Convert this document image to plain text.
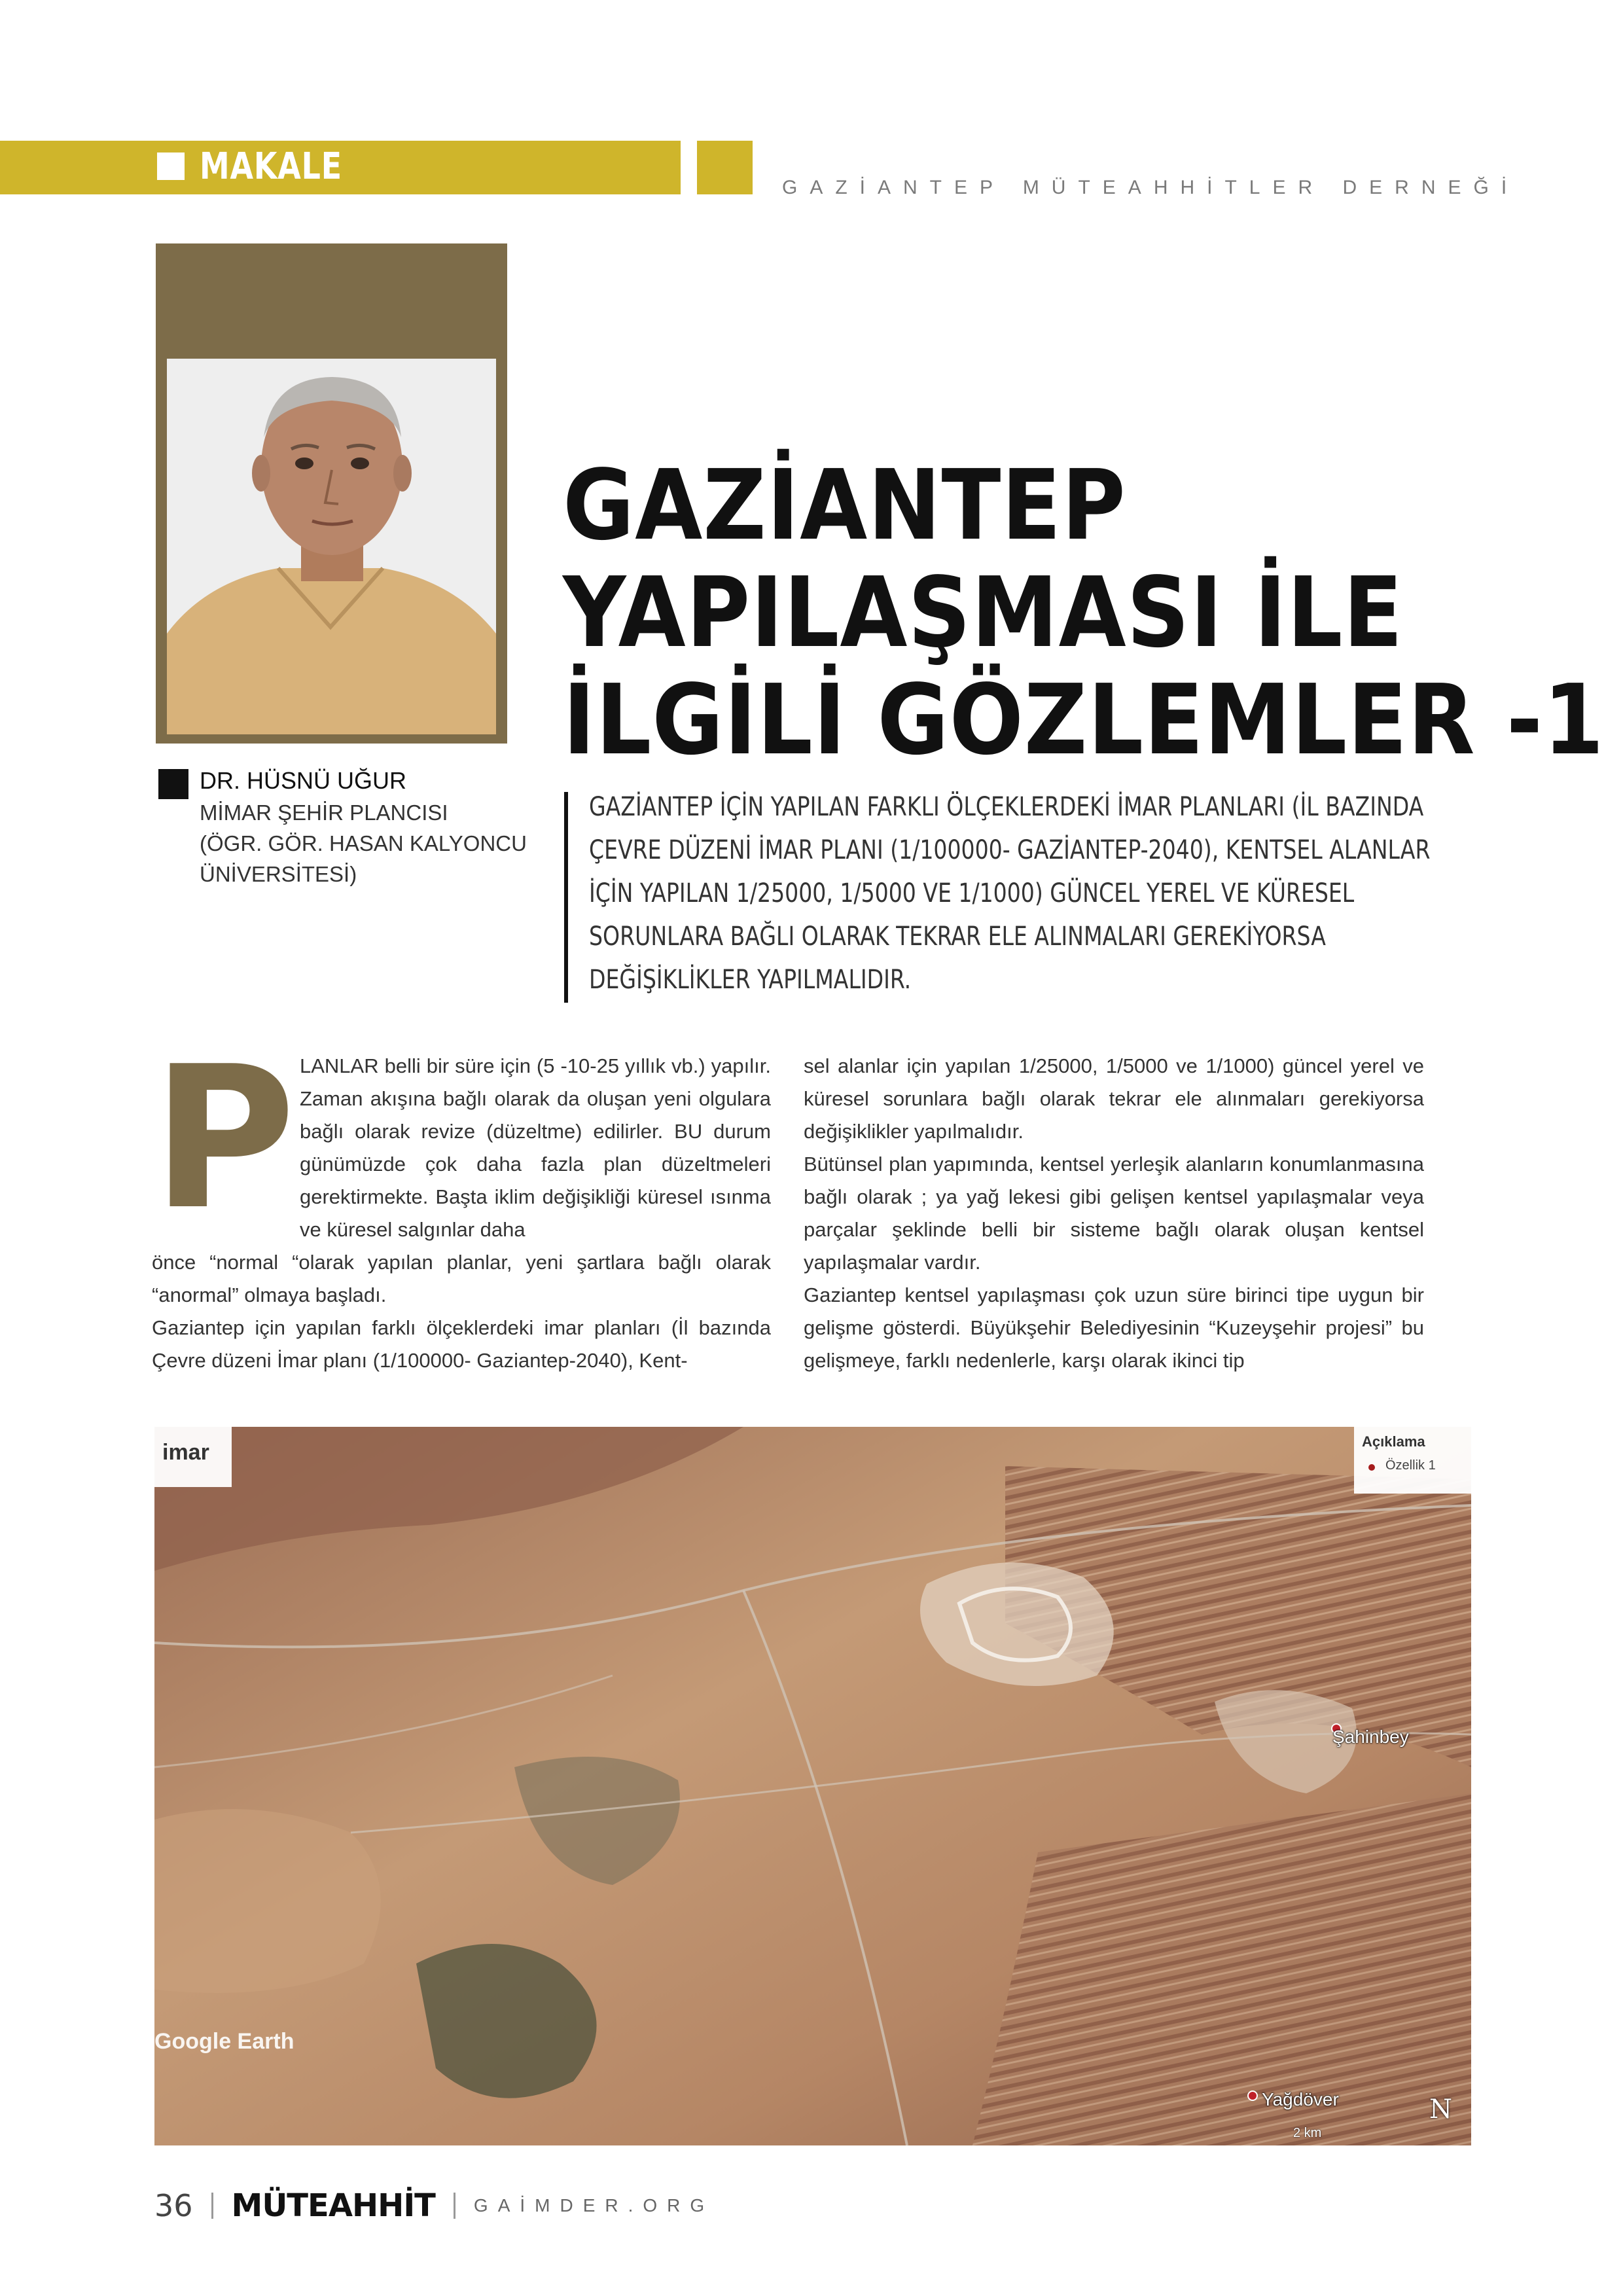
MAKALE	GAZİANTEP MÜTEAHHİTLER DERNEĞİ
DR. HÜSNÜ UĞUR
MİMAR ŞEHİR PLANCISI
(ÖGR. GÖR. HASAN KALYONCU
ÜNİVERSİTESİ)
GAZİANTEP
YAPILAŞMASI İLE
İLGİLİ GÖZLEMLER -1
GAZİANTEP İÇİN YAPILAN FARKLI ÖLÇEKLERDEKİ İMAR PLANLARI (İL BAZINDA ÇEVRE DÜZENİ İMAR PLANI (1/100000- GAZİANTEP-2040), KENTSEL ALANLAR İÇİN YAPILAN 1/25000, 1/5000 VE 1/1000) GÜNCEL YEREL VE KÜRESEL SORUNLARA BAĞLI OLARAK TEKRAR ELE ALINMALARI GEREKİYORSA DEĞİŞİKLİKLER YAPILMALIDIR.
P LANLAR belli bir süre için (5 -10-25 yıllık vb.) yapılır. Zaman akışına bağlı olarak da oluşan yeni olgulara bağlı olarak revize (düzeltme) edilirler. BU durum günümüzde çok daha fazla plan düzeltmeleri gerektirmekte. Başta iklim değişikliği küresel ısınma ve küresel salgınlar daha

önce “normal “olarak yapılan planlar, yeni şartlara bağlı olarak “anormal” olmaya başladı.

Gaziantep için yapılan farklı ölçeklerdeki imar planları (İl bazında Çevre düzeni İmar planı (1/100000- Gaziantep-2040), Kent-

sel alanlar için yapılan 1/25000, 1/5000 ve 1/1000) güncel yerel ve küresel sorunlara bağlı olarak tekrar ele alınmaları gerekiyorsa değişiklikler yapılmalıdır.

Bütünsel plan yapımında, kentsel yerleşik alanların konumlanmasına bağlı olarak ; ya yağ lekesi gibi gelişen kentsel yapılaşmalar veya parçalar şeklinde belli bir sisteme bağlı olarak oluşan kentsel yapılaşmalar vardır.

Gaziantep kentsel yapılaşması çok uzun süre birinci tipe uygun bir gelişme gösterdi. Büyükşehir Belediyesinin “Kuzeyşehir projesi” bu gelişmeye, farklı nedenlerle, karşı olarak ikinci tip

imar	Açıklama
Özellik 1
Şahinbey
Yağdöver
Google Earth
2 km
N
36 MÜTEAHHİT GAİMDER.ORG
